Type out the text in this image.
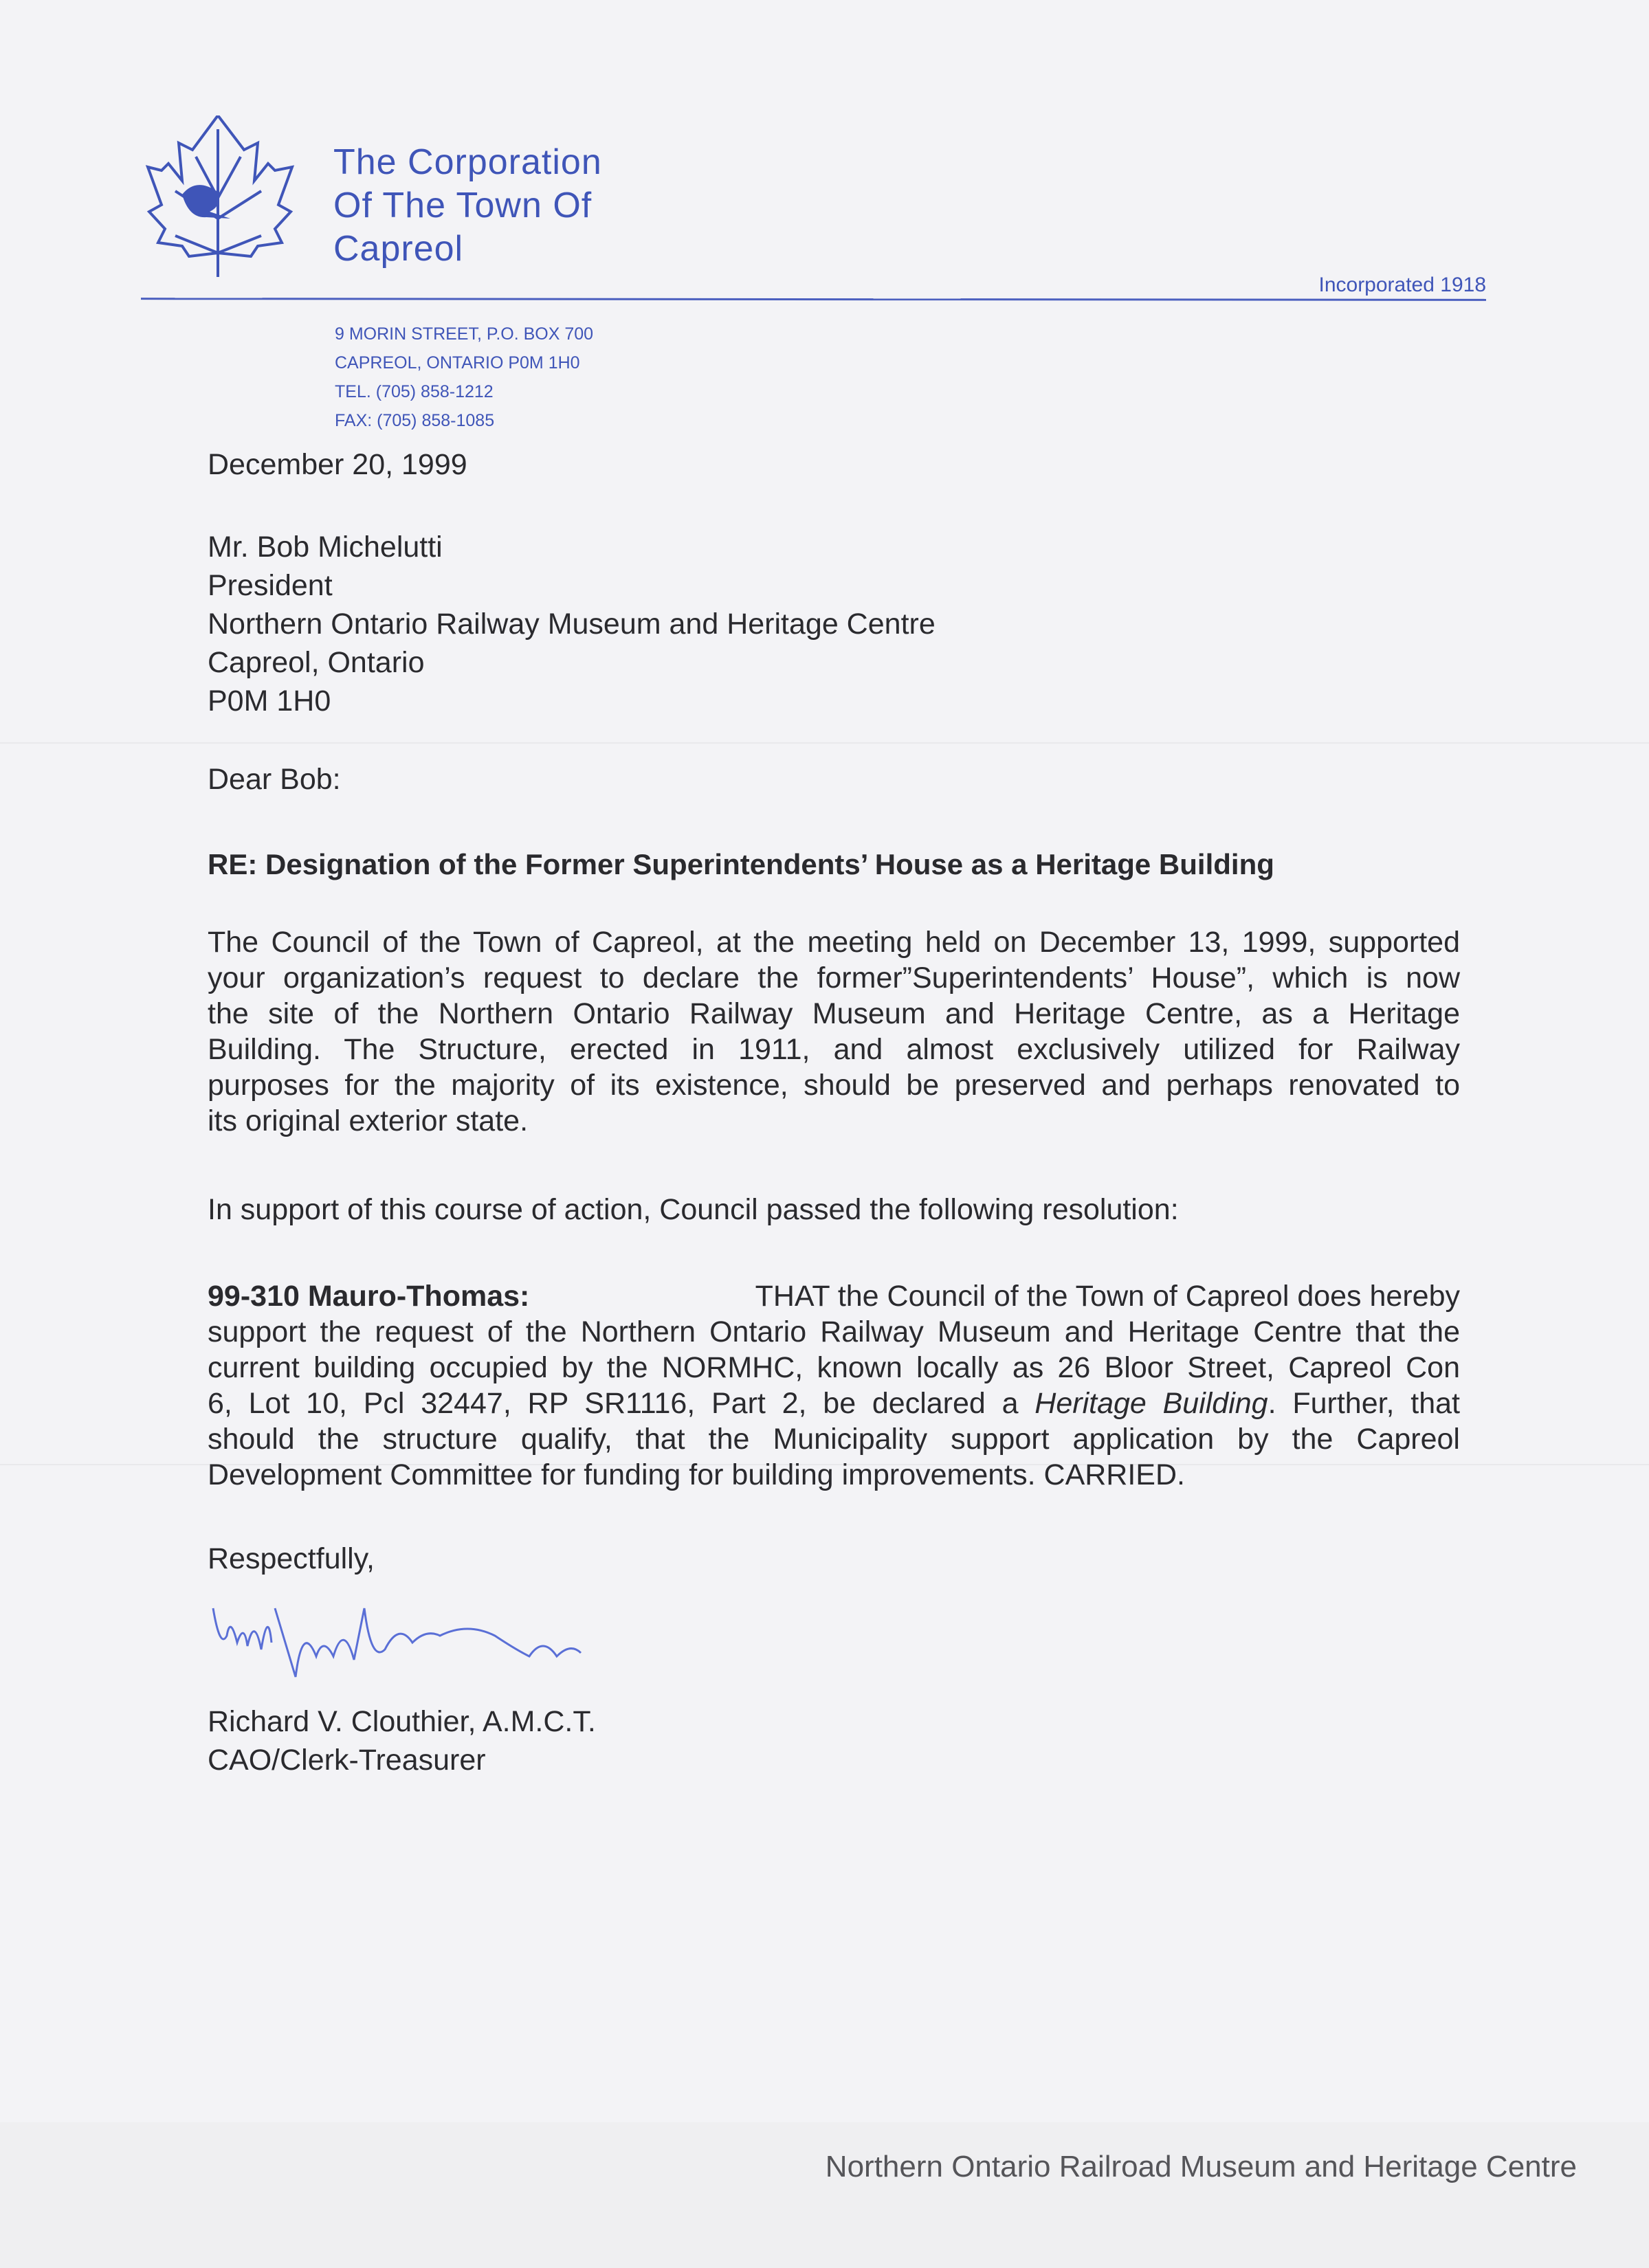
The Corporation
Of The Town Of
Capreol
Incorporated 1918
9 MORIN STREET, P.O. BOX 700
CAPREOL, ONTARIO P0M 1H0
TEL. (705) 858-1212
FAX: (705) 858-1085
December 20, 1999
Mr. Bob Michelutti
President
Northern Ontario Railway Museum and Heritage Centre
Capreol, Ontario
P0M 1H0
Dear Bob:
RE: Designation of the Former Superintendents’ House as a Heritage Building
The Council of the Town of Capreol, at the meeting held on December 13, 1999, supported
your organization’s request to declare the former”Superintendents’ House”, which is now
the site of the Northern Ontario Railway Museum and Heritage Centre, as a Heritage
Building. The Structure, erected in 1911, and almost exclusively utilized for Railway
purposes for the majority of its existence, should be preserved and perhaps renovated to
its original exterior state.
In support of this course of action, Council passed the following resolution:
99-310 Mauro-Thomas:	THAT the Council of the Town of Capreol does hereby
support the request of the Northern Ontario Railway Museum and Heritage Centre that the
current building occupied by the NORMHC, known locally as 26 Bloor Street, Capreol Con
6, Lot 10, Pcl 32447, RP SR1116, Part 2, be declared a Heritage Building. Further, that
should the structure qualify, that the Municipality support application by the Capreol
Development Committee for funding for building improvements. CARRIED.
Respectfully,
Richard V. Clouthier, A.M.C.T.
CAO/Clerk-Treasurer
Northern Ontario Railroad Museum and Heritage Centre
